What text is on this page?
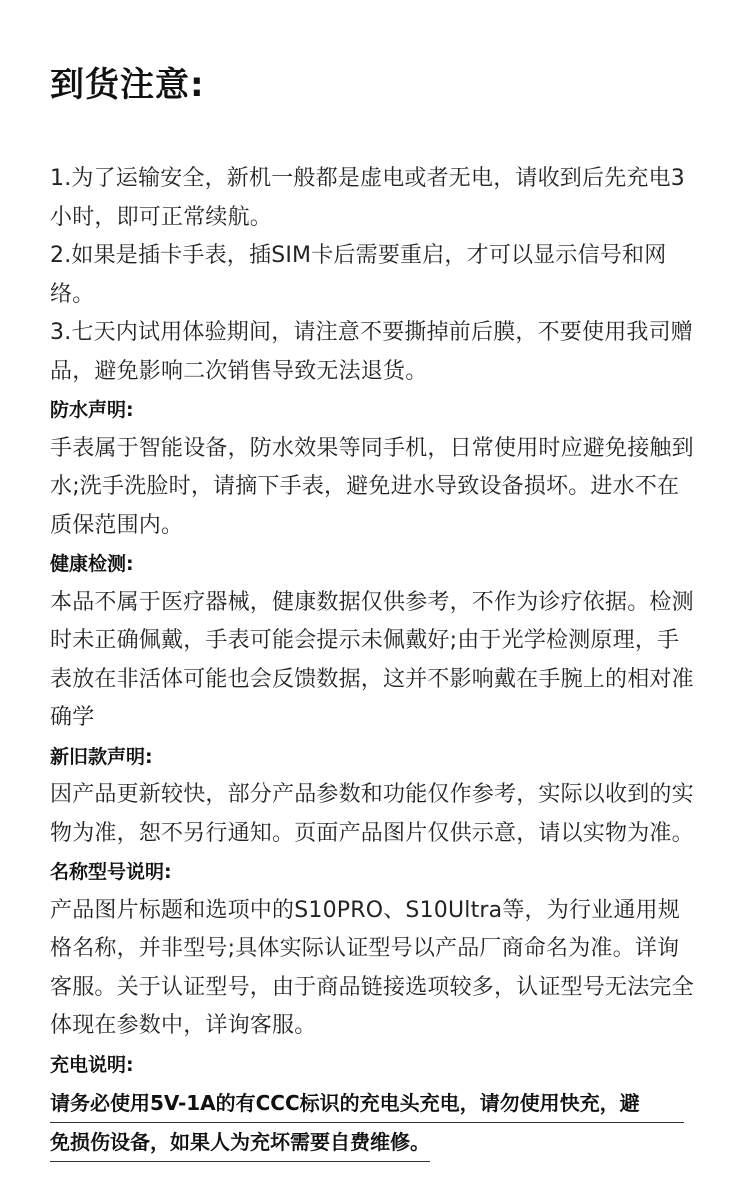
到货注意:

1.为了运输安全，新机一般都是虚电或者无电，请收到后先充电3小时，即可正常续航。

2.如果是插卡手表，插SIM卡后需要重启，才可以显示信号和网络。

3.七天内试用体验期间，请注意不要撕掉前后膜，不要使用我司赠品，避免影响二次销售导致无法退货。

防水声明:

手表属于智能设备，防水效果等同手机，日常使用时应避免接触到水;洗手洗脸时，请摘下手表，避免进水导致设备损坏。进水不在质保范围内。

健康检测:

本品不属于医疗器械，健康数据仅供参考，不作为诊疗依据。检测时未正确佩戴，手表可能会提示未佩戴好;由于光学检测原理，手表放在非活体可能也会反馈数据，这并不影响戴在手腕上的相对准确学

新旧款声明:

因产品更新较快，部分产品参数和功能仅作参考，实际以收到的实物为准，恕不另行通知。页面产品图片仅供示意，请以实物为准。

名称型号说明:

产品图片标题和选项中的S10PRO、S10Ultra等，为行业通用规格名称，并非型号;具体实际认证型号以产品厂商命名为准。详询客服。关于认证型号，由于商品链接选项较多，认证型号无法完全体现在参数中，详询客服。

充电说明:

请务必使用5V-1A的有CCC标识的充电头充电，请勿使用快充，避
免损伤设备，如果人为充坏需要自费维修。
